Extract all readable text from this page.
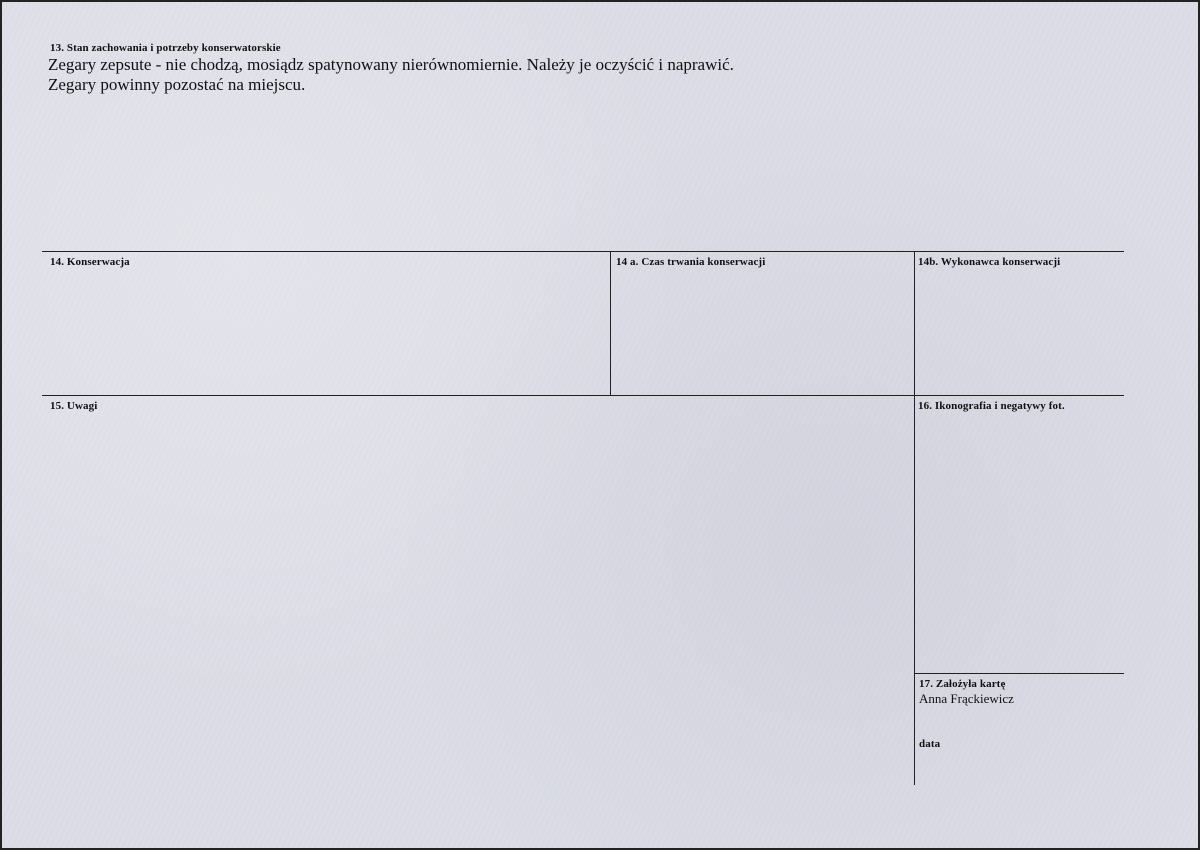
13. Stan zachowania i potrzeby konserwatorskie
Zegary zepsute - nie chodzą, mosiądz spatynowany nierównomiernie. Należy je oczyścić i naprawić.
Zegary powinny pozostać na miejscu.
14. Konserwacja	14 a. Czas trwania konserwacji	14b. Wykonawca konserwacji
15. Uwagi	16. Ikonografia i negatywy fot.
17. Założyła kartę
Anna Frąckiewicz
data
